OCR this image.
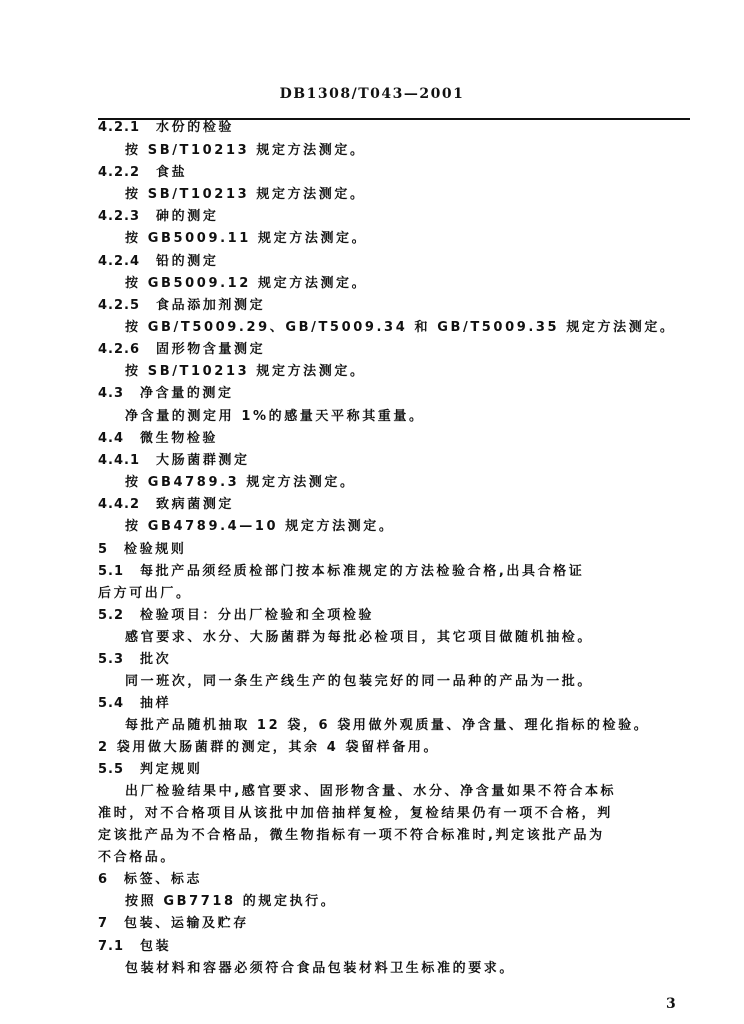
DB1308/T043—2001
4.2.1 水份的检验
按 SB/T10213 规定方法测定。
4.2.2 食盐
按 SB/T10213 规定方法测定。
4.2.3 砷的测定
按 GB5009.11 规定方法测定。
4.2.4 铅的测定
按 GB5009.12 规定方法测定。
4.2.5 食品添加剂测定
按 GB/T5009.29、GB/T5009.34 和 GB/T5009.35 规定方法测定。
4.2.6 固形物含量测定
按 SB/T10213 规定方法测定。
4.3 净含量的测定
净含量的测定用 1%的感量天平称其重量。
4.4 微生物检验
4.4.1 大肠菌群测定
按 GB4789.3 规定方法测定。
4.4.2 致病菌测定
按 GB4789.4—10 规定方法测定。
5 检验规则
5.1 每批产品须经质检部门按本标准规定的方法检验合格,出具合格证
后方可出厂。
5.2 检验项目：分出厂检验和全项检验
感官要求、水分、大肠菌群为每批必检项目，其它项目做随机抽检。
5.3 批次
同一班次，同一条生产线生产的包装完好的同一品种的产品为一批。
5.4 抽样
每批产品随机抽取 12 袋，6 袋用做外观质量、净含量、理化指标的检验。
2 袋用做大肠菌群的测定，其余 4 袋留样备用。
5.5 判定规则
出厂检验结果中,感官要求、固形物含量、水分、净含量如果不符合本标
准时，对不合格项目从该批中加倍抽样复检，复检结果仍有一项不合格，判
定该批产品为不合格品，微生物指标有一项不符合标准时,判定该批产品为
不合格品。
6 标签、标志
按照 GB7718 的规定执行。
7 包装、运输及贮存
7.1 包装
包装材料和容器必须符合食品包装材料卫生标准的要求。
3
